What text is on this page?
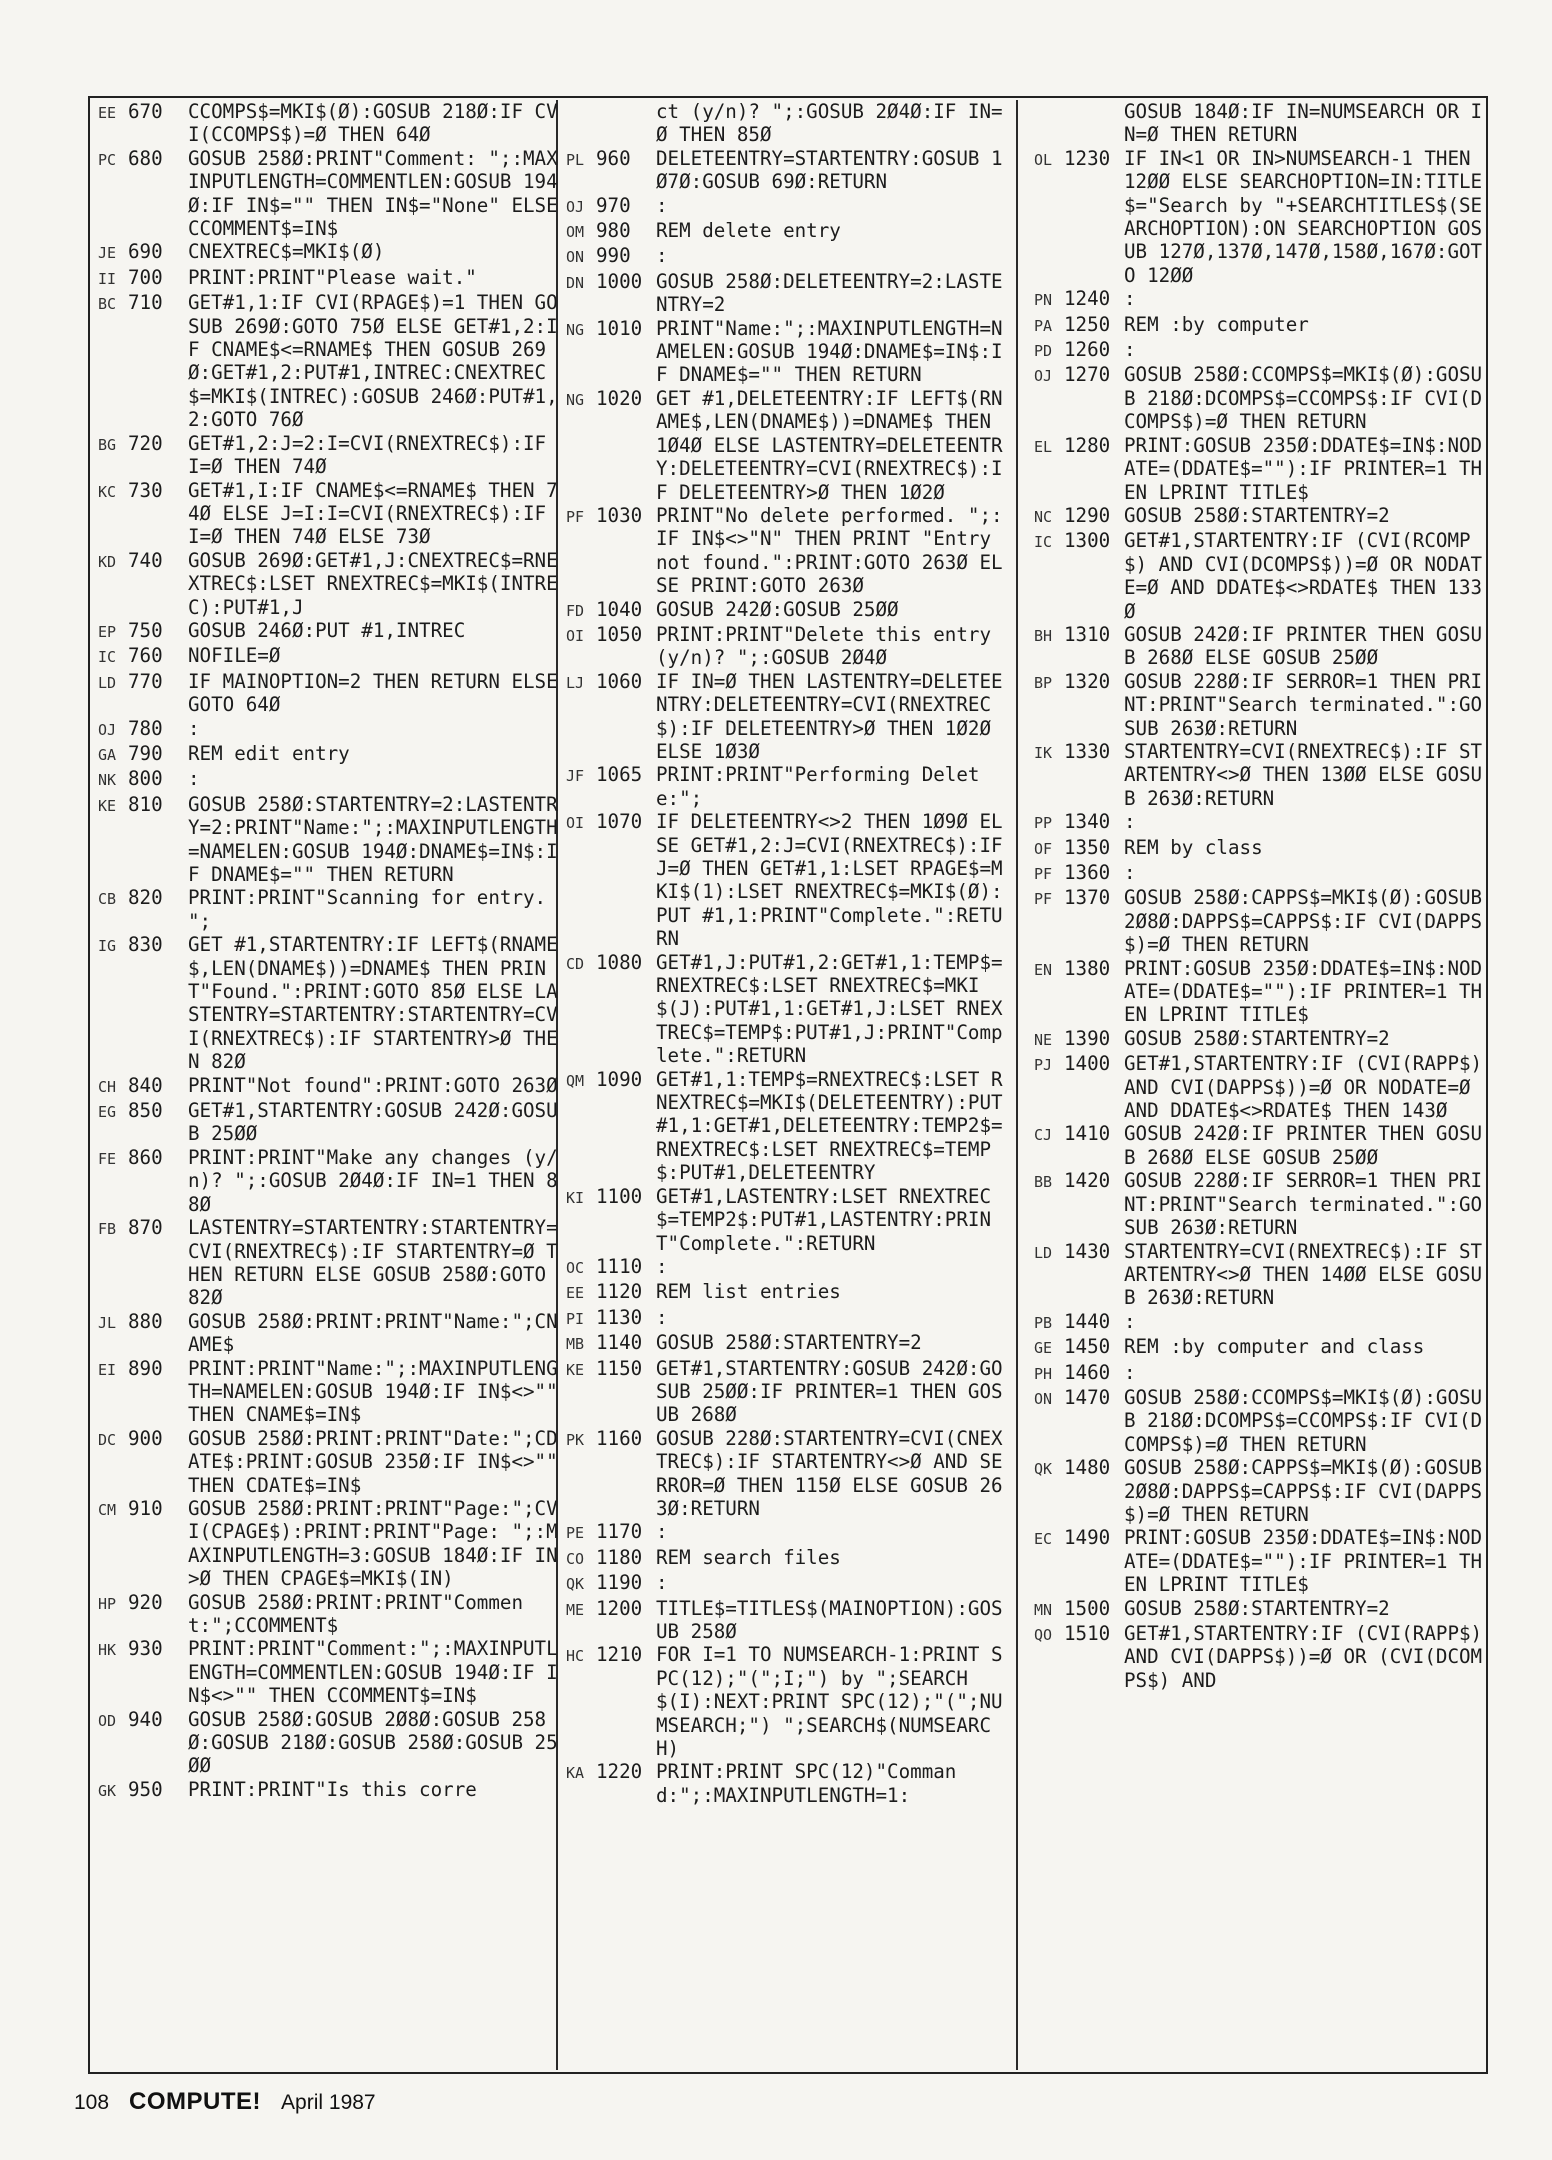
EE 670	CCOMPS$=MKI$(Ø):GOSUB 218Ø:IF CVI(CCOMPS$)=Ø THEN 64Ø
PC 680	GOSUB 258Ø:PRINT"Comment: ";:MAXINPUTLENGTH=COMMENTLEN:GOSUB 194Ø:IF IN$="" THEN IN$="None" ELSE CCOMMENT$=IN$
JE 690	CNEXTREC$=MKI$(Ø)
II 700	PRINT:PRINT"Please wait."
BC 710	GET#1,1:IF CVI(RPAGE$)=1 THEN GOSUB 269Ø:GOTO 75Ø ELSE GET#1,2:IF CNAME$<=RNAME$ THEN GOSUB 269Ø:GET#1,2:PUT#1,INTREC:CNEXTREC$=MKI$(INTREC):GOSUB 246Ø:PUT#1,2:GOTO 76Ø
BG 720	GET#1,2:J=2:I=CVI(RNEXTREC$):IF I=Ø THEN 74Ø
KC 730	GET#1,I:IF CNAME$<=RNAME$ THEN 74Ø ELSE J=I:I=CVI(RNEXTREC$):IF I=Ø THEN 74Ø ELSE 73Ø
KD 740	GOSUB 269Ø:GET#1,J:CNEXTREC$=RNEXTREC$:LSET RNEXTREC$=MKI$(INTREC):PUT#1,J
EP 750	GOSUB 246Ø:PUT #1,INTREC
IC 760	NOFILE=Ø
LD 770	IF MAINOPTION=2 THEN RETURN ELSE GOTO 64Ø
OJ 780	:
GA 790	REM edit entry
NK 800	:
KE 810	GOSUB 258Ø:STARTENTRY=2:LASTENTRY=2:PRINT"Name:";:MAXINPUTLENGTH=NAMELEN:GOSUB 194Ø:DNAME$=IN$:IF DNAME$="" THEN RETURN
CB 820	PRINT:PRINT"Scanning for entry. ";
IG 830	GET #1,STARTENTRY:IF LEFT$(RNAME$,LEN(DNAME$))=DNAME$ THEN PRINT"Found.":PRINT:GOTO 85Ø ELSE LASTENTRY=STARTENTRY:STARTENTRY=CVI(RNEXTREC$):IF STARTENTRY>Ø THEN 82Ø
CH 840	PRINT"Not found":PRINT:GOTO 263Ø
EG 850	GET#1,STARTENTRY:GOSUB 242Ø:GOSUB 25ØØ
FE 860	PRINT:PRINT"Make any changes (y/n)? ";:GOSUB 2Ø4Ø:IF IN=1 THEN 88Ø
FB 870	LASTENTRY=STARTENTRY:STARTENTRY=CVI(RNEXTREC$):IF STARTENTRY=Ø THEN RETURN ELSE GOSUB 258Ø:GOTO 82Ø
JL 880	GOSUB 258Ø:PRINT:PRINT"Name:";CNAME$
EI 890	PRINT:PRINT"Name:";:MAXINPUTLENGTH=NAMELEN:GOSUB 194Ø:IF IN$<>"" THEN CNAME$=IN$
DC 900	GOSUB 258Ø:PRINT:PRINT"Date:";CDATE$:PRINT:GOSUB 235Ø:IF IN$<>"" THEN CDATE$=IN$
CM 910	GOSUB 258Ø:PRINT:PRINT"Page:";CVI(CPAGE$):PRINT:PRINT"Page: ";:MAXINPUTLENGTH=3:GOSUB 184Ø:IF IN>Ø THEN CPAGE$=MKI$(IN)
HP 920	GOSUB 258Ø:PRINT:PRINT"Comment:";CCOMMENT$
HK 930	PRINT:PRINT"Comment:";:MAXINPUTLENGTH=COMMENTLEN:GOSUB 194Ø:IF IN$<>"" THEN CCOMMENT$=IN$
OD 940	GOSUB 258Ø:GOSUB 2Ø8Ø:GOSUB 258Ø:GOSUB 218Ø:GOSUB 258Ø:GOSUB 25ØØ
GK 950	PRINT:PRINT"Is this corre
ct (y/n)? ";:GOSUB 2Ø4Ø:IF IN=Ø THEN 85Ø
PL 960	DELETEENTRY=STARTENTRY:GOSUB 1Ø7Ø:GOSUB 69Ø:RETURN
OJ 970	:
OM 980	REM delete entry
ON 990	:
DN 1000 GOSUB 258Ø:DELETEENTRY=2:LASTENTRY=2
NG 1010 PRINT"Name:";:MAXINPUTLENGTH=NAMELEN:GOSUB 194Ø:DNAME$=IN$:IF DNAME$="" THEN RETURN
NG 1020 GET #1,DELETEENTRY:IF LEFT$(RNAME$,LEN(DNAME$))=DNAME$ THEN 1Ø4Ø ELSE LASTENTRY=DELETEENTRY:DELETEENTRY=CVI(RNEXTREC$):IF DELETEENTRY>Ø THEN 1Ø2Ø
PF 1030 PRINT"No delete performed. ";:IF IN$<>"N" THEN PRINT "Entry not found.":PRINT:GOTO 263Ø ELSE PRINT:GOTO 263Ø
FD 1040 GOSUB 242Ø:GOSUB 25ØØ
OI 1050 PRINT:PRINT"Delete this entry (y/n)? ";:GOSUB 2Ø4Ø
LJ 1060 IF IN=Ø THEN LASTENTRY=DELETEENTRY:DELETEENTRY=CVI(RNEXTREC$):IF DELETEENTRY>Ø THEN 1Ø2Ø ELSE 1Ø3Ø
JF 1065 PRINT:PRINT"Performing Delete:";
OI 1070 IF DELETEENTRY<>2 THEN 1Ø9Ø ELSE GET#1,2:J=CVI(RNEXTREC$):IF J=Ø THEN GET#1,1:LSET RPAGE$=MKI$(1):LSET RNEXTREC$=MKI$(Ø):PUT #1,1:PRINT"Complete.":RETURN
CD 1080 GET#1,J:PUT#1,2:GET#1,1:TEMP$=RNEXTREC$:LSET RNEXTREC$=MKI$(J):PUT#1,1:GET#1,J:LSET RNEXTREC$=TEMP$:PUT#1,J:PRINT"Complete.":RETURN
QM 1090 GET#1,1:TEMP$=RNEXTREC$:LSET RNEXTREC$=MKI$(DELETEENTRY):PUT#1,1:GET#1,DELETEENTRY:TEMP2$=RNEXTREC$:LSET RNEXTREC$=TEMP$:PUT#1,DELETEENTRY
KI 1100 GET#1,LASTENTRY:LSET RNEXTREC$=TEMP2$:PUT#1,LASTENTRY:PRINT"Complete.":RETURN
OC 1110 :
EE 1120 REM list entries
PI 1130 :
MB 1140 GOSUB 258Ø:STARTENTRY=2
KE 1150 GET#1,STARTENTRY:GOSUB 242Ø:GOSUB 25ØØ:IF PRINTER=1 THEN GOSUB 268Ø
PK 1160 GOSUB 228Ø:STARTENTRY=CVI(CNEXTREC$):IF STARTENTRY<>Ø AND SERROR=Ø THEN 115Ø ELSE GOSUB 263Ø:RETURN
PE 1170 :
CO 1180 REM search files
QK 1190 :
ME 1200 TITLE$=TITLES$(MAINOPTION):GOSUB 258Ø
HC 1210 FOR I=1 TO NUMSEARCH-1:PRINT SPC(12);"(";I;") by ";SEARCH$(I):NEXT:PRINT SPC(12);"(";NUMSEARCH;") ";SEARCH$(NUMSEARCH)
KA 1220 PRINT:PRINT SPC(12)"Command:";:MAXINPUTLENGTH=1:
GOSUB 184Ø:IF IN=NUMSEARCH OR IN=Ø THEN RETURN
OL 1230 IF IN<1 OR IN>NUMSEARCH-1 THEN 12ØØ ELSE SEARCHOPTION=IN:TITLE$="Search by "+SEARCHTITLES$(SEARCHOPTION):ON SEARCHOPTION GOSUB 127Ø,137Ø,147Ø,158Ø,167Ø:GOTO 12ØØ
PN 1240 :
PA 1250 REM :by computer
PD 1260 :
OJ 1270 GOSUB 258Ø:CCOMPS$=MKI$(Ø):GOSUB 218Ø:DCOMPS$=CCOMPS$:IF CVI(DCOMPS$)=Ø THEN RETURN
EL 1280 PRINT:GOSUB 235Ø:DDATE$=IN$:NODATE=(DDATE$=""):IF PRINTER=1 THEN LPRINT TITLE$
NC 1290 GOSUB 258Ø:STARTENTRY=2
IC 1300 GET#1,STARTENTRY:IF (CVI(RCOMP$) AND CVI(DCOMPS$))=Ø OR NODATE=Ø AND DDATE$<>RDATE$ THEN 133Ø
BH 1310 GOSUB 242Ø:IF PRINTER THEN GOSUB 268Ø ELSE GOSUB 25ØØ
BP 1320 GOSUB 228Ø:IF SERROR=1 THEN PRINT:PRINT"Search terminated.":GOSUB 263Ø:RETURN
IK 1330 STARTENTRY=CVI(RNEXTREC$):IF STARTENTRY<>Ø THEN 13ØØ ELSE GOSUB 263Ø:RETURN
PP 1340 :
OF 1350 REM by class
PF 1360 :
PF 1370 GOSUB 258Ø:CAPPS$=MKI$(Ø):GOSUB 2Ø8Ø:DAPPS$=CAPPS$:IF CVI(DAPPS$)=Ø THEN RETURN
EN 1380 PRINT:GOSUB 235Ø:DDATE$=IN$:NODATE=(DDATE$=""):IF PRINTER=1 THEN LPRINT TITLE$
NE 1390 GOSUB 258Ø:STARTENTRY=2
PJ 1400 GET#1,STARTENTRY:IF (CVI(RAPP$) AND CVI(DAPPS$))=Ø OR NODATE=Ø AND DDATE$<>RDATE$ THEN 143Ø
CJ 1410 GOSUB 242Ø:IF PRINTER THEN GOSUB 268Ø ELSE GOSUB 25ØØ
BB 1420 GOSUB 228Ø:IF SERROR=1 THEN PRINT:PRINT"Search terminated.":GOSUB 263Ø:RETURN
LD 1430 STARTENTRY=CVI(RNEXTREC$):IF STARTENTRY<>Ø THEN 14ØØ ELSE GOSUB 263Ø:RETURN
PB 1440 :
GE 1450 REM :by computer and class
PH 1460 :
ON 1470 GOSUB 258Ø:CCOMPS$=MKI$(Ø):GOSUB 218Ø:DCOMPS$=CCOMPS$:IF CVI(DCOMPS$)=Ø THEN RETURN
QK 1480 GOSUB 258Ø:CAPPS$=MKI$(Ø):GOSUB 2Ø8Ø:DAPPS$=CAPPS$:IF CVI(DAPPS$)=Ø THEN RETURN
EC 1490 PRINT:GOSUB 235Ø:DDATE$=IN$:NODATE=(DDATE$=""):IF PRINTER=1 THEN LPRINT TITLE$
MN 1500 GOSUB 258Ø:STARTENTRY=2
QO 1510 GET#1,STARTENTRY:IF (CVI(RAPP$) AND CVI(DAPPS$))=Ø OR (CVI(DCOMPS$) AND
108 COMPUTE! April 1987
